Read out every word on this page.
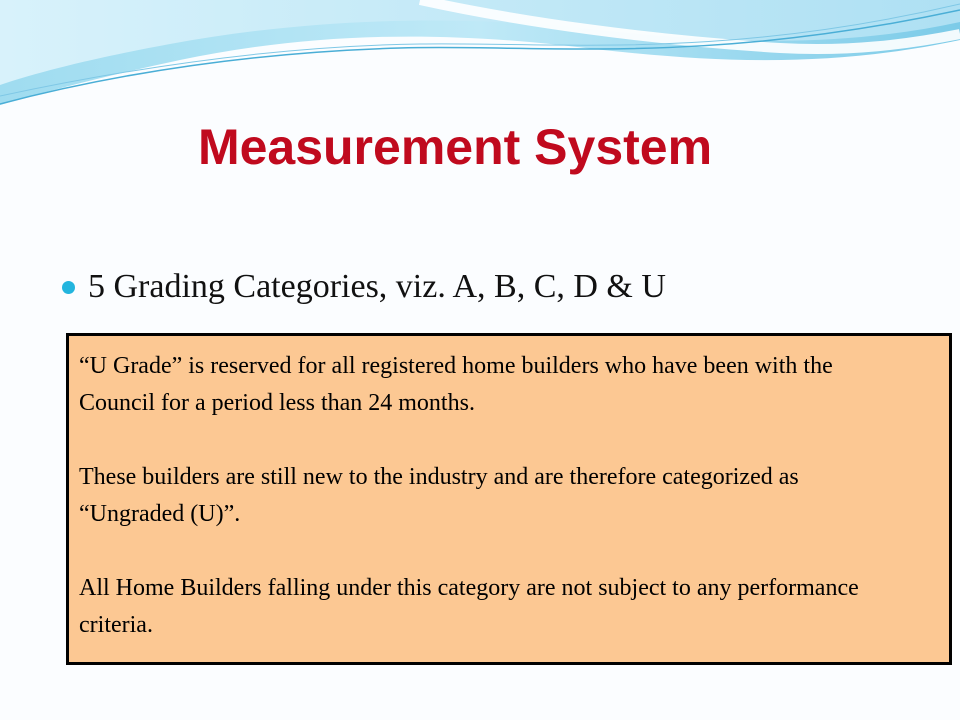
Measurement System
5 Grading Categories, viz. A, B, C, D & U

“U Grade” is reserved for all registered home builders who have been with the Council for a period less than 24 months.

These builders are still new to the industry and are therefore categorized as “Ungraded (U)”.

All Home Builders falling under this category are not subject to any performance criteria.
